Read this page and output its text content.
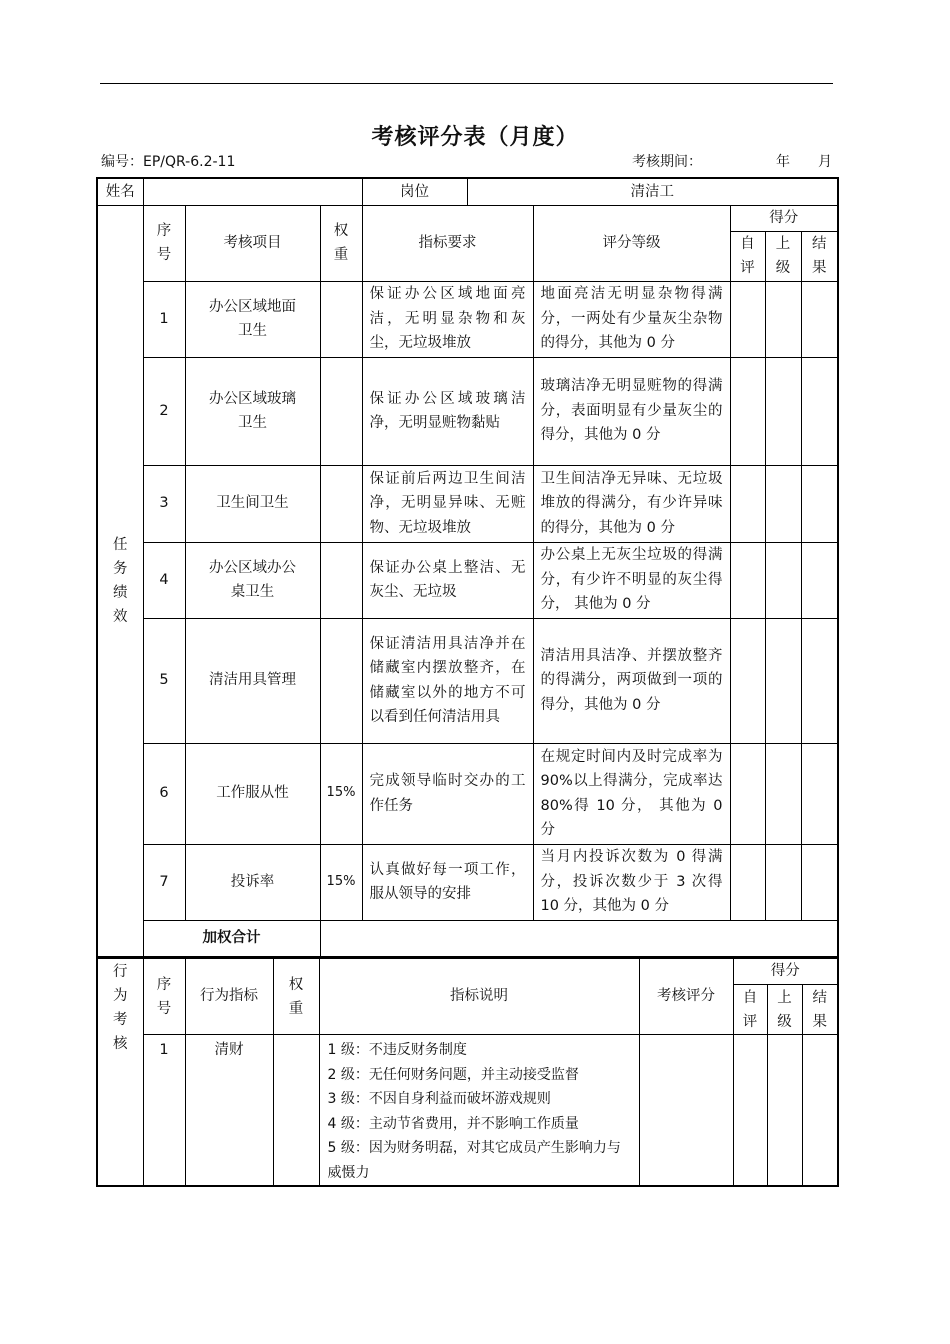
考核评分表（月度）
编号：EP/QR-6.2-11	考核期间：	年 月
姓名				岗位	清洁工				

任务绩效	序号	考核项目	权重	指标要求		评分等级	得分		

							自评	上级	结果

	1	办公区域地面卫生		保证办公区域地面亮洁，无明显杂物和灰尘，无垃圾堆放		地面亮洁无明显杂物得满分，一两处有少量灰尘杂物的得分，其他为 0 分			
	2	办公区域玻璃卫生		保证办公区域玻璃洁净，无明显赃物黏贴		玻璃洁净无明显赃物的得满分，表面明显有少量灰尘的得分，其他为 0 分			
	3	卫生间卫生		保证前后两边卫生间洁净，无明显异味、无赃物、无垃圾堆放		卫生间洁净无异味、无垃圾堆放的得满分，有少许异味的得分，其他为 0 分			
	4	办公区域办公桌卫生		保证办公桌上整洁、无灰尘、无垃圾		办公桌上无灰尘垃圾的得满分，有少许不明显的灰尘得分， 其他为 0 分			
	5	清洁用具管理		保证清洁用具洁净并在储藏室内摆放整齐，在储藏室以外的地方不可以看到任何清洁用具		清洁用具洁净、并摆放整齐的得满分，两项做到一项的得分，其他为 0 分			
	6	工作服从性	15%	完成领导临时交办的工作任务		在规定时间内及时完成率为 90%以上得满分，完成率达 80%得 10 分， 其他为 0 分			
	7	投诉率	15%	认真做好每一项工作，服从领导的安排		当月内投诉次数为 0 得满分，投诉次数少于 3 次得 10 分，其他为 0 分			
	加权合计								
行为考核	序号	行为指标	权重	指标说明	考核评分	得分		

						自评	上级	结果

	1	清财		1 级：不违反财务制度
2 级：无任何财务问题，并主动接受监督
3 级：不因自身利益而破坏游戏规则
4 级：主动节省费用，并不影响工作质量
5 级：因为财务明磊，对其它成员产生影响力与威慑力				
